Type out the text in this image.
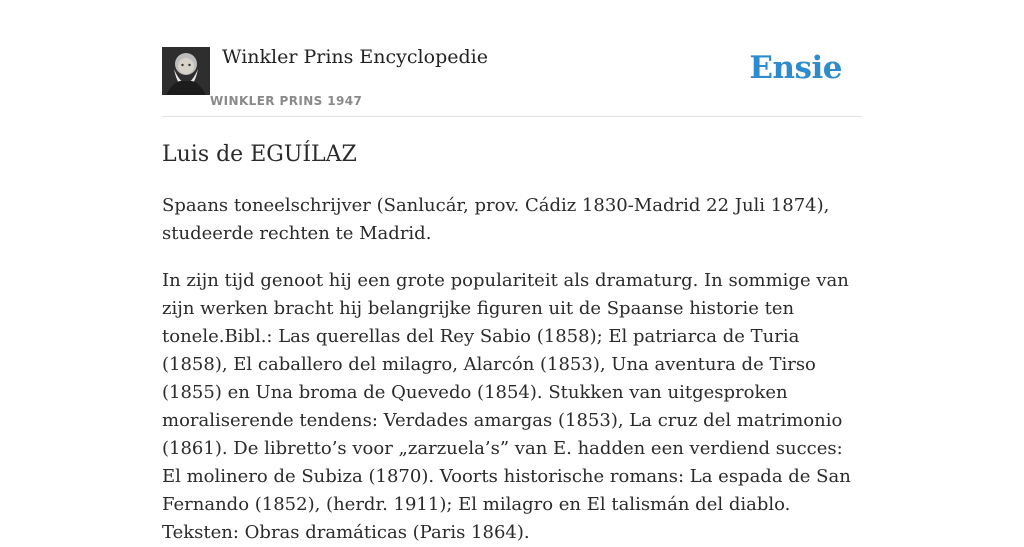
Winkler Prins Encyclopedie
WINKLER PRINS 1947
Ensie
Luis de EGUÍLAZ

Spaans toneelschrijver (Sanlucár, prov. Cádiz 1830-Madrid 22 Juli 1874), studeerde rechten te Madrid.

In zijn tijd genoot hij een grote populariteit als dramaturg. In sommige van zijn werken bracht hij belangrijke figuren uit de Spaanse historie ten tonele.Bibl.: Las querellas del Rey Sabio (1858); El patriarca de Turia (1858), El caballero del milagro, Alarcón (1853), Una aventura de Tirso (1855) en Una broma de Quevedo (1854). Stukken van uitgesproken moraliserende tendens: Verdades amargas (1853), La cruz del matrimonio (1861). De libretto’s voor „zarzuela’s” van E. hadden een verdiend succes: El molinero de Subiza (1870). Voorts historische romans: La espada de San Fernando (1852), (herdr. 1911); El milagro en El talismán del diablo. Teksten: Obras dramáticas (Paris 1864).
